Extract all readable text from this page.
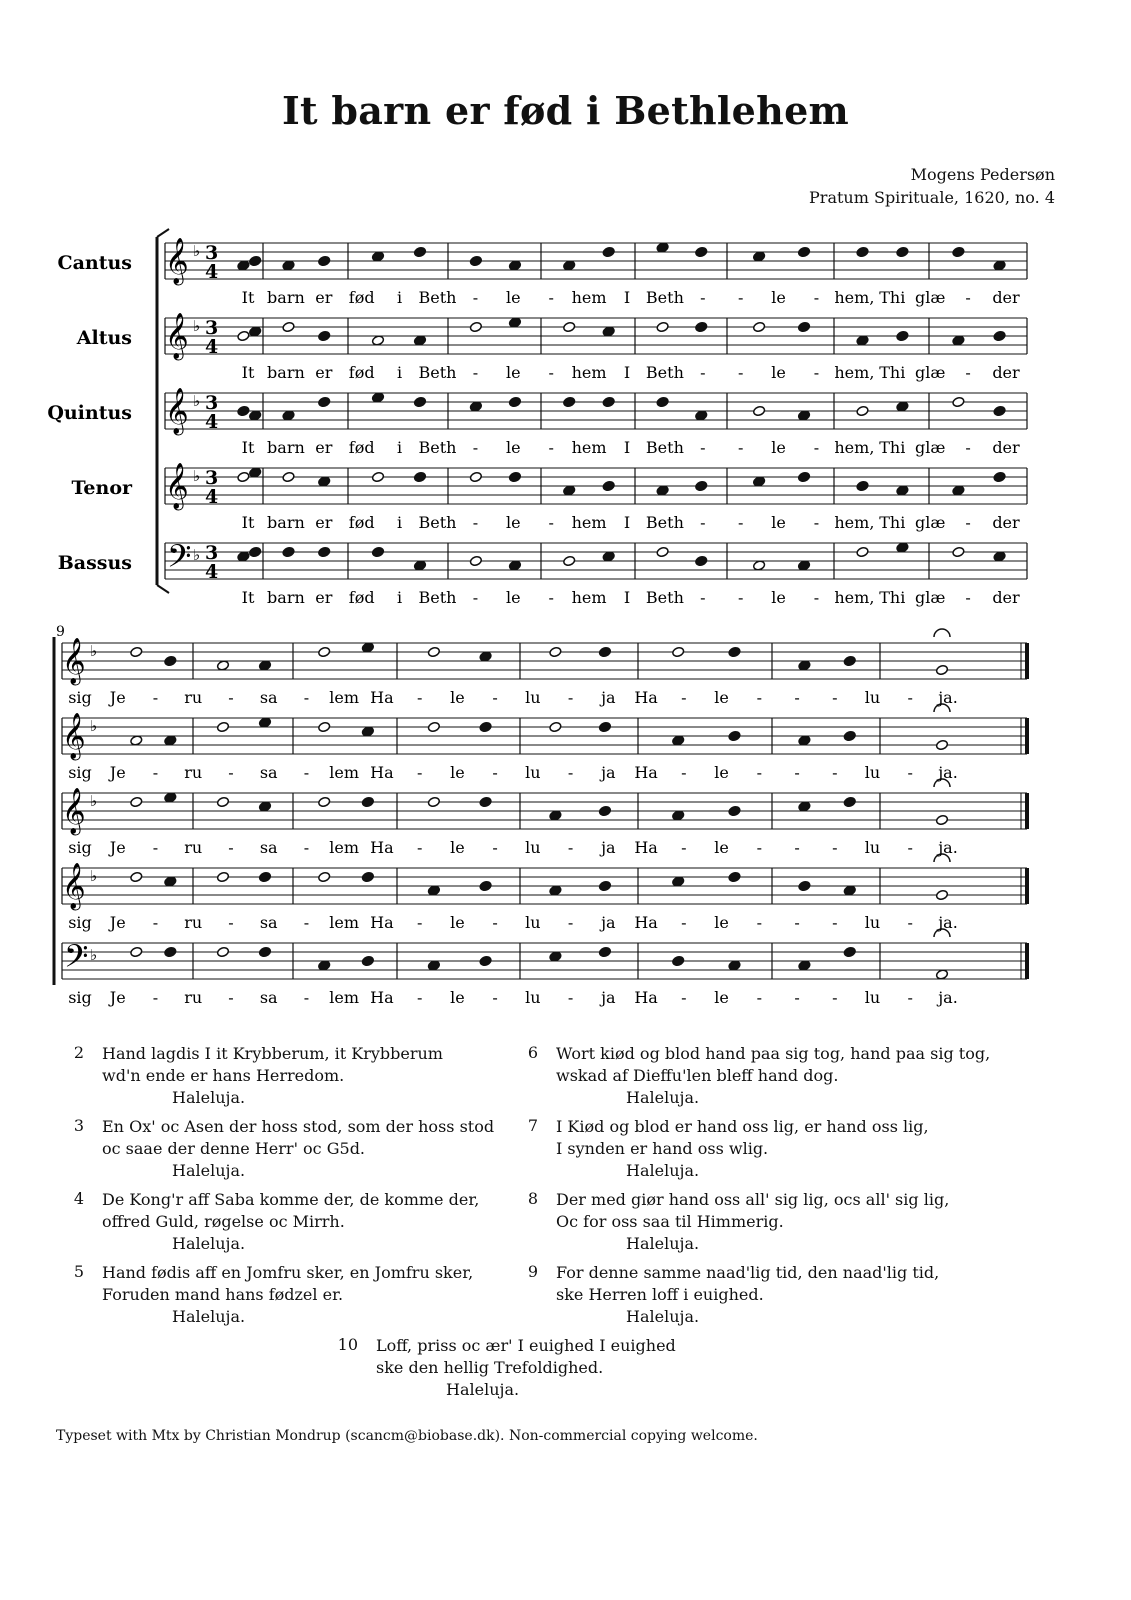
It barn er fød i Bethlehem
Mogens Pedersøn
Pratum Spirituale, 1620, no. 4
𝄞 ♭ 3
4
Cantus
𝄞 ♭ 3
4
Altus
𝄞 ♭ 3
4
Quintus
𝄞 ♭ 3
4
Tenor
𝄢 ♭ 3
4
Bassus
9
𝄞 ♭
𝄞 ♭
𝄞 ♭
𝄞 ♭
𝄢 ♭
It barn er fød i Beth - le - hem I Beth - - le - hem, Thi glæ - der
It barn er fød i Beth - le - hem I Beth - - le - hem, Thi glæ - der
It barn er fød i Beth - le - hem I Beth - - le - hem, Thi glæ - der
It barn er fød i Beth - le - hem I Beth - - le - hem, Thi glæ - der
It barn er fød i Beth - le - hem I Beth - - le - hem, Thi glæ - der
sig Je - ru - sa - lem Ha - le - lu - ja Ha - le - - - lu - ja.
sig Je - ru - sa - lem Ha - le - lu - ja Ha - le - - - lu - ja.
sig Je - ru - sa - lem Ha - le - lu - ja Ha - le - - - lu - ja.
sig Je - ru - sa - lem Ha - le - lu - ja Ha - le - - - lu - ja.
sig Je - ru - sa - lem Ha - le - lu - ja Ha - le - - - lu - ja.
2 Hand lagdis I it Krybberum, it Krybberum
wd'n ende er hans Herredom.
Haleluja.
3 En Ox' oc Asen der hoss stod, som der hoss stod
oc saae der denne Herr' oc G5d.
Haleluja.
4 De Kong'r aff Saba komme der, de komme der,
offred Guld, røgelse oc Mirrh.
Haleluja.
5 Hand fødis aff en Jomfru sker, en Jomfru sker,
Foruden mand hans fødzel er.
Haleluja.
6 Wort kiød og blod hand paa sig tog, hand paa sig tog,
wskad af Dieffu'len bleff hand dog.
Haleluja.
7 I Kiød og blod er hand oss lig, er hand oss lig,
I synden er hand oss wlig.
Haleluja.
8 Der med giør hand oss all' sig lig, ocs all' sig lig,
Oc for oss saa til Himmerig.
Haleluja.
9 For denne samme naad'lig tid, den naad'lig tid,
ske Herren loff i euighed.
Haleluja.
10 Loff, priss oc ær' I euighed I euighed
ske den hellig Trefoldighed.
Haleluja.
Typeset with Mtx by Christian Mondrup (scancm@biobase.dk). Non-commercial copying welcome.
